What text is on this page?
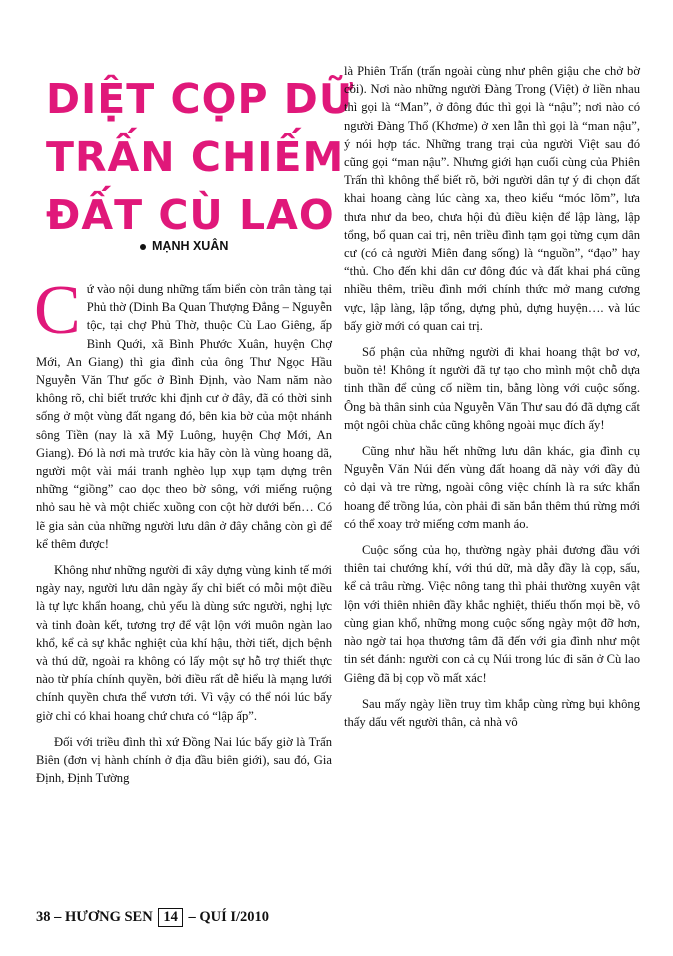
DIỆT CỌP DỮ
TRẤN CHIẾM
ĐẤT CÙ LAO
MẠNH XUÂN

Cứ vào nội dung những tấm biển còn trân tàng tại Phủ thờ (Dinh Ba Quan Thượng Đẳng – Nguyễn tộc, tại chợ Phủ Thờ, thuộc Cù Lao Giêng, ấp Bình Quới, xã Bình Phước Xuân, huyện Chợ Mới, An Giang) thì gia đình của ông Thư Ngọc Hầu Nguyễn Văn Thư gốc ở Bình Định, vào Nam năm nào không rõ, chỉ biết trước khi định cư ở đây, đã có thời sinh sống ở một vùng đất ngang đó, bên kia bờ của một nhánh sông Tiền (nay là xã Mỹ Luông, huyện Chợ Mới, An Giang). Đó là nơi mà trước kia hãy còn là vùng hoang dã, người một vài mái tranh nghèo lụp xụp tạm dựng trên những “giồng” cao dọc theo bờ sông, với miếng ruộng nhỏ sau hè và một chiếc xuồng con cột hờ dưới bến… Có lẽ gia sản của những người lưu dân ở đây chẳng còn gì để kể thêm được!

Không như những người đi xây dựng vùng kinh tế mới ngày nay, người lưu dân ngày ấy chỉ biết có mỗi một điều là tự lực khẩn hoang, chủ yếu là dùng sức người, nghị lực và tinh đoàn kết, tương trợ để vật lộn với muôn ngàn lao khổ, kể cả sự khắc nghiệt của khí hậu, thời tiết, dịch bệnh và thú dữ, ngoài ra không có lấy một sự hỗ trợ thiết thực nào từ phía chính quyền, bởi điều rất dễ hiểu là mạng lưới chính quyền chưa thể vươn tới. Vì vậy có thể nói lúc bấy giờ chỉ có khai hoang chứ chưa có “lập ấp”.

Đối với triều đình thì xứ Đồng Nai lúc bấy giờ là Trấn Biên (đơn vị hành chính ở địa đầu biên giới), sau đó, Gia Định, Định Tường

là Phiên Trấn (trấn ngoài cùng như phên giậu che chở bờ cõi). Nơi nào những người Đàng Trong (Việt) ở liền nhau thì gọi là “Man”, ở đông đúc thì gọi là “nậu”; nơi nào có người Đàng Thổ (Khơme) ở xen lẫn thì gọi là “man nậu”, ý nói hợp tác. Những trang trại của người Việt sau đó cũng gọi “man nậu”. Nhưng giới hạn cuối cùng của Phiên Trấn thì không thể biết rõ, bởi người dân tự ý đi chọn đất khai hoang càng lúc càng xa, theo kiểu “móc lõm”, lưa thưa như da beo, chưa hội đủ điều kiện để lập làng, lập tổng, bổ quan cai trị, nên triều đình tạm gọi từng cụm dân cư (có cả người Miên đang sống) là “nguồn”, “đạo” hay “thủ. Cho đến khi dân cư đông đúc và đất khai phá cũng nhiều thêm, triều đình mới chính thức mở mang cương vực, lập làng, lập tổng, dựng phủ, dựng huyện…. và lúc bấy giờ mới có quan cai trị.

Số phận của những người đi khai hoang thật bơ vơ, buồn tẻ! Không ít người đã tự tạo cho mình một chỗ dựa tinh thần để củng cố niềm tin, bằng lòng với cuộc sống. Ông bà thân sinh của Nguyễn Văn Thư sau đó đã dựng cất một ngôi chùa chắc cũng không ngoài mục đích ấy!

Cũng như hầu hết những lưu dân khác, gia đình cụ Nguyễn Văn Núi đến vùng đất hoang dã này với đầy đủ cỏ dại và tre rừng, ngoài công việc chính là ra sức khẩn hoang để trồng lúa, còn phải đi săn bắn thêm thú rừng mới có thể xoay trở miếng cơm manh áo.

Cuộc sống của họ, thường ngày phải đương đầu với thiên tai chướng khí, với thú dữ, mà dẫy đầy là cọp, sấu, kể cả trâu rừng. Việc nông tang thì phải thường xuyên vật lộn với thiên nhiên đầy khắc nghiệt, thiếu thốn mọi bề, vô cùng gian khổ, những mong cuộc sống ngày một đỡ hơn, nào ngờ tai họa thương tâm đã đến với gia đình như một tin sét đánh: người con cả cụ Núi trong lúc đi săn ở Cù lao Giêng đã bị cọp vồ mất xác!

Sau mấy ngày liền truy tìm khắp cùng rừng bụi không thấy dấu vết người thân, cả nhà vô

38 – HƯƠNG SEN 14 – QUÍ I/2010
